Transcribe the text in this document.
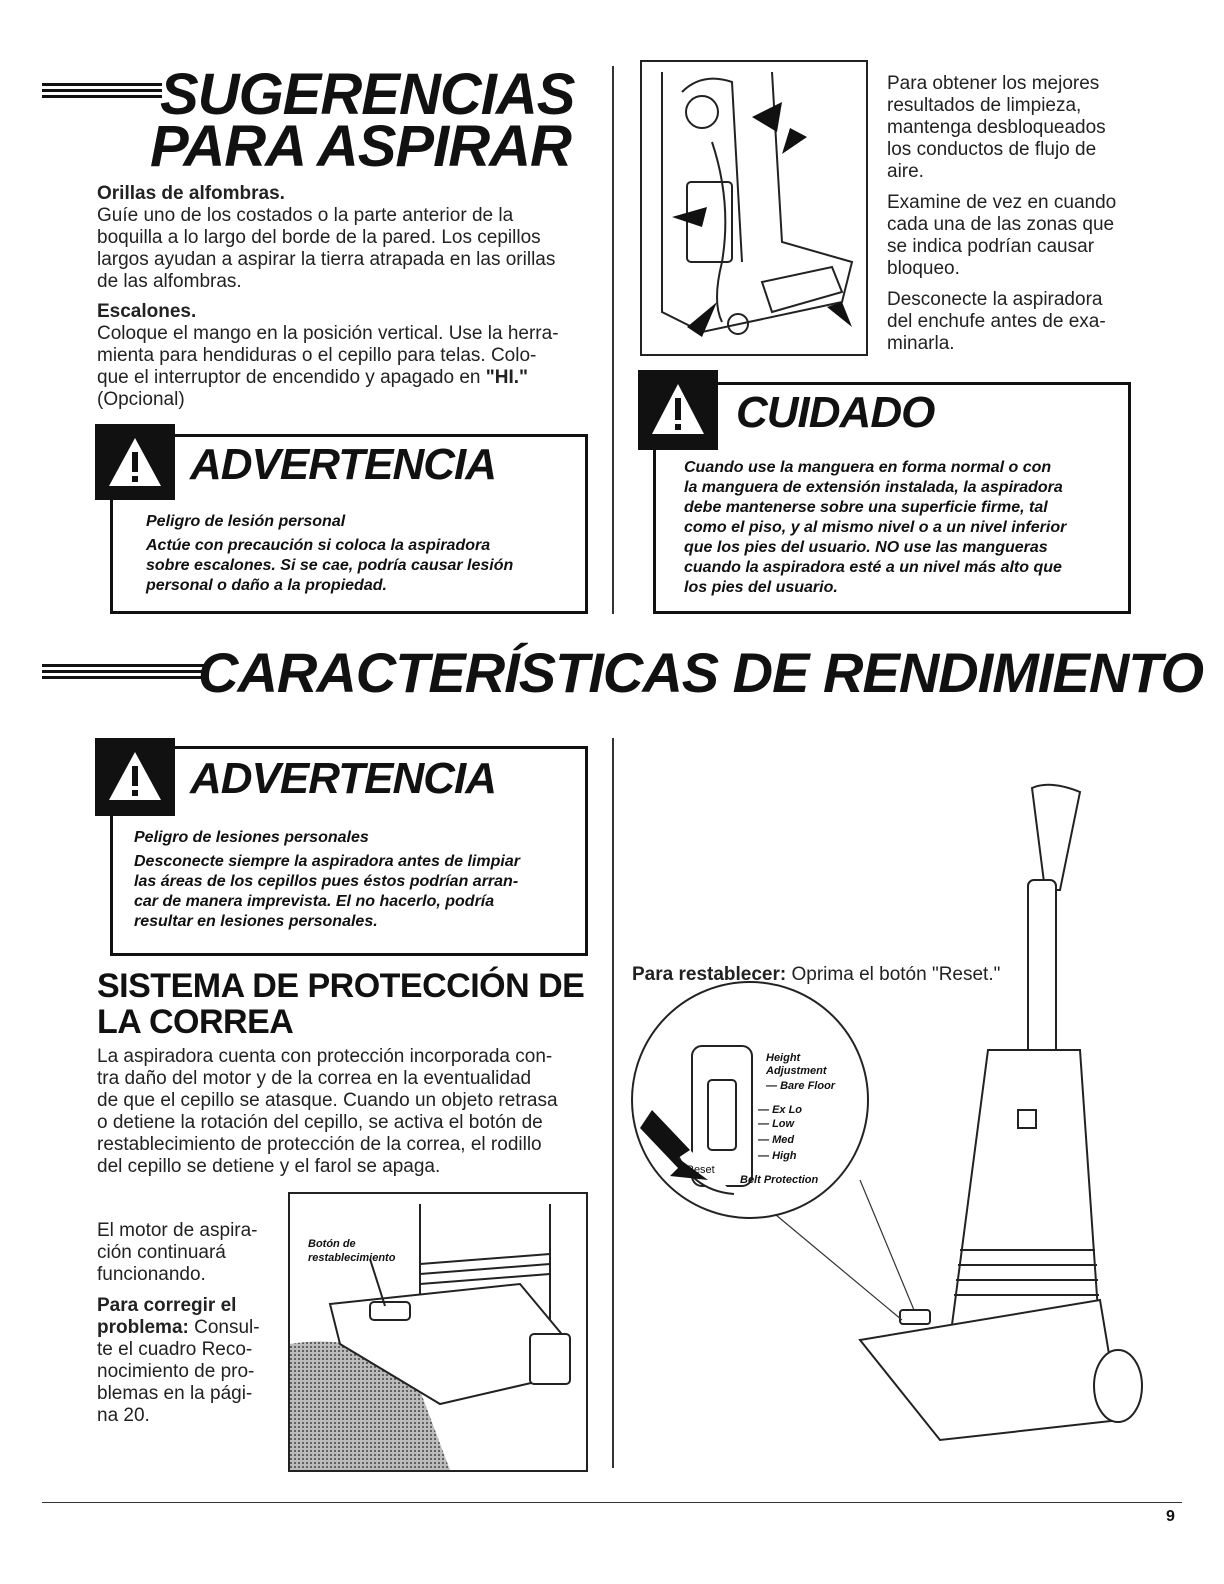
SUGERENCIAS
PARA ASPIRAR
Orillas de alfombras.
Guíe uno de los costados o la parte anterior de la
boquilla a lo largo del borde de la pared. Los cepillos
largos ayudan a aspirar la tierra atrapada en las orillas
de las alfombras.
Escalones.
Coloque el mango en la posición vertical. Use la herra-
mienta para hendiduras o el cepillo para telas. Colo-
que el interruptor de encendido y apagado en "HI."
(Opcional)
ADVERTENCIA
Peligro de lesión personal
Actúe con precaución si coloca la aspiradora
sobre escalones. Si se cae, podría causar lesión
personal o daño a la propiedad.
Para obtener los mejores
resultados de limpieza,
mantenga desbloqueados
los conductos de flujo de
aire.
Examine de vez en cuando
cada una de las zonas que
se indica podrían causar
bloqueo.
Desconecte la aspiradora
del enchufe antes de exa-
minarla.
CUIDADO
Cuando use la manguera en forma normal o con
la manguera de extensión instalada, la aspiradora
debe mantenerse sobre una superficie firme, tal
como el piso, y al mismo nivel o a un nivel inferior
que los pies del usuario. NO use las mangueras
cuando la aspiradora esté a un nivel más alto que
los pies del usuario.
CARACTERÍSTICAS DE RENDIMIENTO
ADVERTENCIA
Peligro de lesiones personales
Desconecte siempre la aspiradora antes de limpiar
las áreas de los cepillos pues éstos podrían arran-
car de manera imprevista. El no hacerlo, podría
resultar en lesiones personales.
SISTEMA DE PROTECCIÓN DE
LA CORREA
La aspiradora cuenta con protección incorporada con-
tra daño del motor y de la correa en la eventualidad
de que el cepillo se atasque. Cuando un objeto retrasa
o detiene la rotación del cepillo, se activa el botón de
restablecimiento de protección de la correa, el rodillo
del cepillo se detiene y el farol se apaga.
El motor de aspira-
ción continuará
funcionando.
Para corregir el
problema: Consul-
te el cuadro Reco-
nocimiento de pro-
blemas en la pági-
na 20.
Botón de
restablecimiento
Para restablecer: Oprima el botón "Reset."
Height
Adjustment
— Bare Floor
— Ex Lo
— Low
— Med
— High
Reset
Belt Protection
9
